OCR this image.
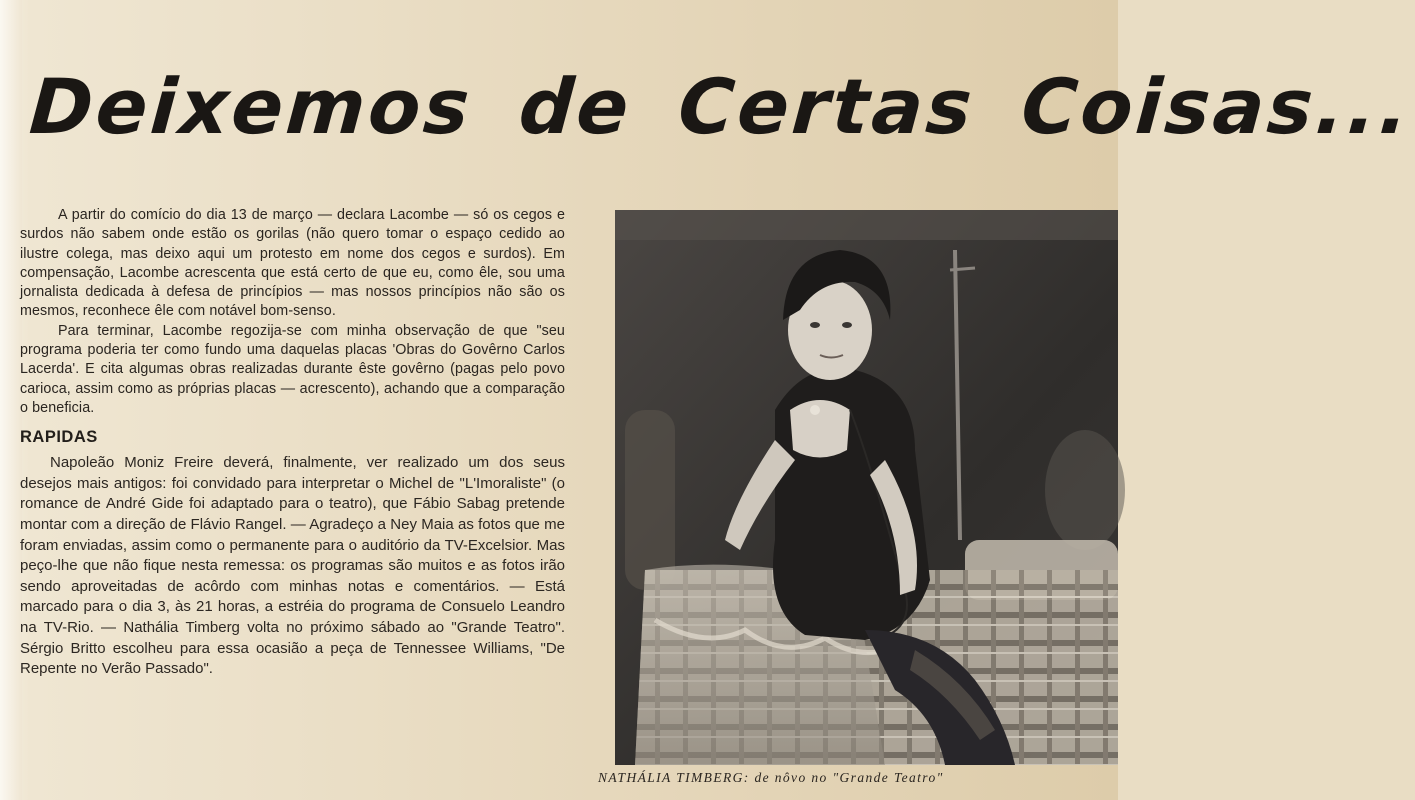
Deixemos de Certas Coisas...

A partir do comício do dia 13 de março — declara Lacombe — só os cegos e surdos não sabem onde estão os gorilas (não quero tomar o espaço cedido ao ilustre colega, mas deixo aqui um protesto em nome dos cegos e surdos). Em compensação, Lacombe acrescenta que está certo de que eu, como êle, sou uma jornalista dedicada à defesa de princípios — mas nossos princípios não são os mesmos, reconhece êle com notável bom-senso.

Para terminar, Lacombe regozija-se com minha observação de que "seu programa poderia ter como fundo uma daquelas placas 'Obras do Govêrno Carlos Lacerda'. E cita algumas obras realizadas durante êste govêrno (pagas pelo povo carioca, assim como as próprias placas — acrescento), achando que a comparação o beneficia.

RAPIDAS

Napoleão Moniz Freire deverá, finalmente, ver realizado um dos seus desejos mais antigos: foi convidado para interpretar o Michel de "L'Imoraliste" (o romance de André Gide foi adaptado para o teatro), que Fábio Sabag pretende montar com a direção de Flávio Rangel. — Agradeço a Ney Maia as fotos que me foram enviadas, assim como o permanente para o auditório da TV-Excelsior. Mas peço-lhe que não fique nesta remessa: os programas são muitos e as fotos irão sendo aproveitadas de acôrdo com minhas notas e comentários. — Está marcado para o dia 3, às 21 horas, a estréia do programa de Consuelo Leandro na TV-Rio. — Nathália Timberg volta no próximo sábado ao "Grande Teatro". Sérgio Britto escolheu para essa ocasião a peça de Tennessee Williams, "De Repente no Verão Passado".

NATHÁLIA TIMBERG: de nôvo no "Grande Teatro"
